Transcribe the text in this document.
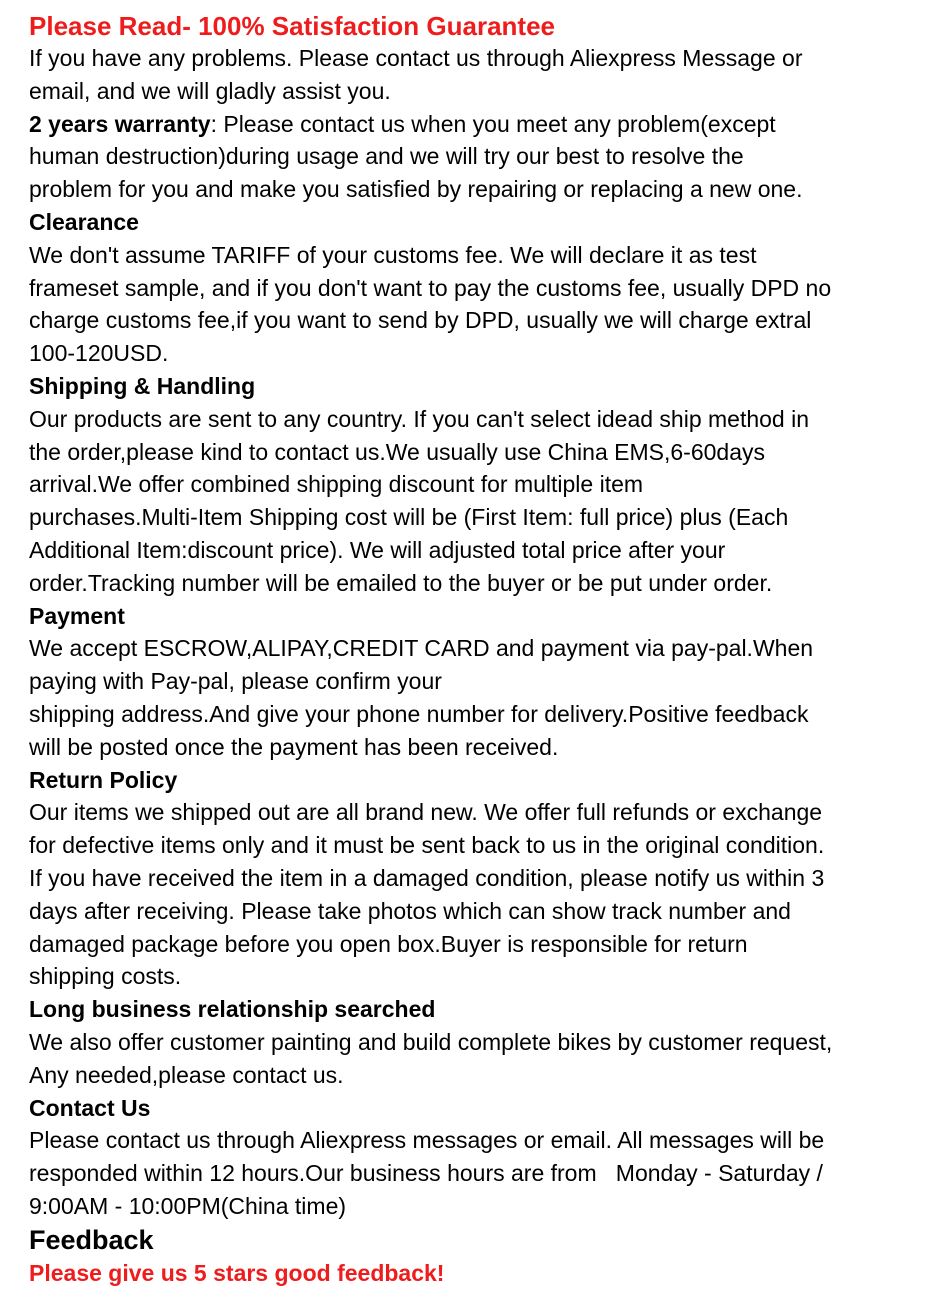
Please Read- 100% Satisfaction Guarantee

If you have any problems. Please contact us through Aliexpress Message or

email, and we will gladly assist you.

2 years warranty: Please contact us when you meet any problem(except

human destruction)during usage and we will try our best to resolve the

problem for you and make you satisfied by repairing or replacing a new one.

Clearance

We don't assume TARIFF of your customs fee. We will declare it as test

frameset sample, and if you don't want to pay the customs fee, usually DPD no

charge customs fee,if you want to send by DPD, usually we will charge extral

100-120USD.

Shipping & Handling

Our products are sent to any country. If you can't select idead ship method in

the order,please kind to contact us.We usually use China EMS,6-60days

arrival.We offer combined shipping discount for multiple item

purchases.Multi-Item Shipping cost will be (First Item: full price) plus (Each

Additional Item:discount price). We will adjusted total price after your

order.Tracking number will be emailed to the buyer or be put under order.

Payment

We accept ESCROW,ALIPAY,CREDIT CARD and payment via pay-pal.When

paying with Pay-pal, please confirm your

shipping address.And give your phone number for delivery.Positive feedback

will be posted once the payment has been received.

Return Policy

Our items we shipped out are all brand new. We offer full refunds or exchange

for defective items only and it must be sent back to us in the original condition.

If you have received the item in a damaged condition, please notify us within 3

days after receiving. Please take photos which can show track number and

damaged package before you open box.Buyer is responsible for return

shipping costs.

Long business relationship searched

We also offer customer painting and build complete bikes by customer request,

Any needed,please contact us.

Contact Us

Please contact us through Aliexpress messages or email. All messages will be

responded within 12 hours.Our business hours are from   Monday - Saturday /

9:00AM - 10:00PM(China time)

Feedback

Please give us 5 stars good feedback!
